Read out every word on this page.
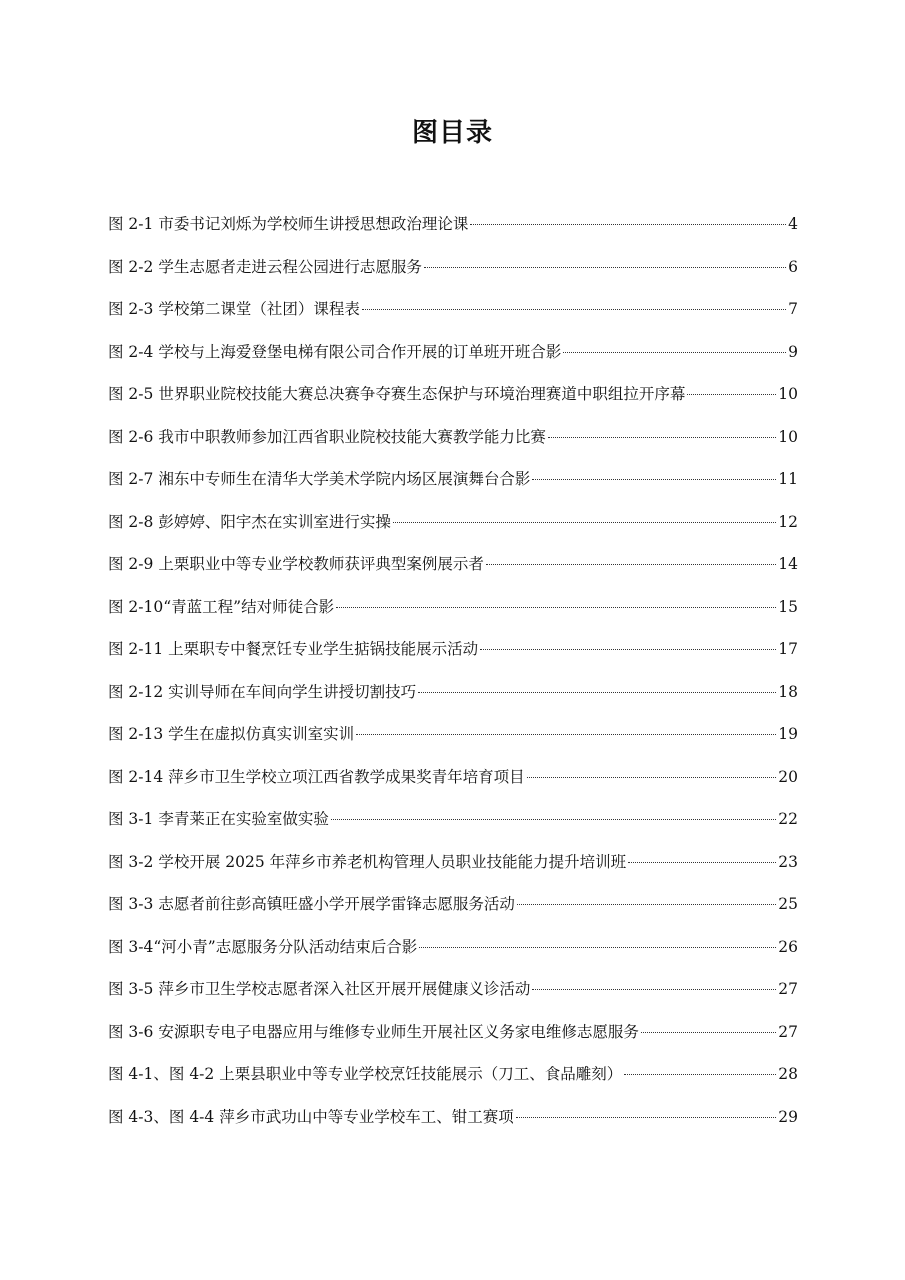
图目录
图 2-1 市委书记刘烁为学校师生讲授思想政治理论课	4
图 2-2 学生志愿者走进云程公园进行志愿服务	6
图 2-3 学校第二课堂（社团）课程表	7
图 2-4 学校与上海爱登堡电梯有限公司合作开展的订单班开班合影	9
图 2-5 世界职业院校技能大赛总决赛争夺赛生态保护与环境治理赛道中职组拉开序幕	10
图 2-6 我市中职教师参加江西省职业院校技能大赛教学能力比赛	10
图 2-7 湘东中专师生在清华大学美术学院内场区展演舞台合影	11
图 2-8 彭婷婷、阳宇杰在实训室进行实操	12
图 2-9 上栗职业中等专业学校教师获评典型案例展示者	14
图 2-10“青蓝工程”结对师徒合影	15
图 2-11 上栗职专中餐烹饪专业学生掂锅技能展示活动	17
图 2-12 实训导师在车间向学生讲授切割技巧	18
图 2-13 学生在虚拟仿真实训室实训	19
图 2-14 萍乡市卫生学校立项江西省教学成果奖青年培育项目	20
图 3-1 李青莱正在实验室做实验	22
图 3-2 学校开展 2025 年萍乡市养老机构管理人员职业技能能力提升培训班	23
图 3-3 志愿者前往彭高镇旺盛小学开展学雷锋志愿服务活动	25
图 3-4“河小青”志愿服务分队活动结束后合影	26
图 3-5 萍乡市卫生学校志愿者深入社区开展开展健康义诊活动	27
图 3-6 安源职专电子电器应用与维修专业师生开展社区义务家电维修志愿服务	27
图 4-1、图 4-2 上栗县职业中等专业学校烹饪技能展示（刀工、食品雕刻）	28
图 4-3、图 4-4 萍乡市武功山中等专业学校车工、钳工赛项	29
